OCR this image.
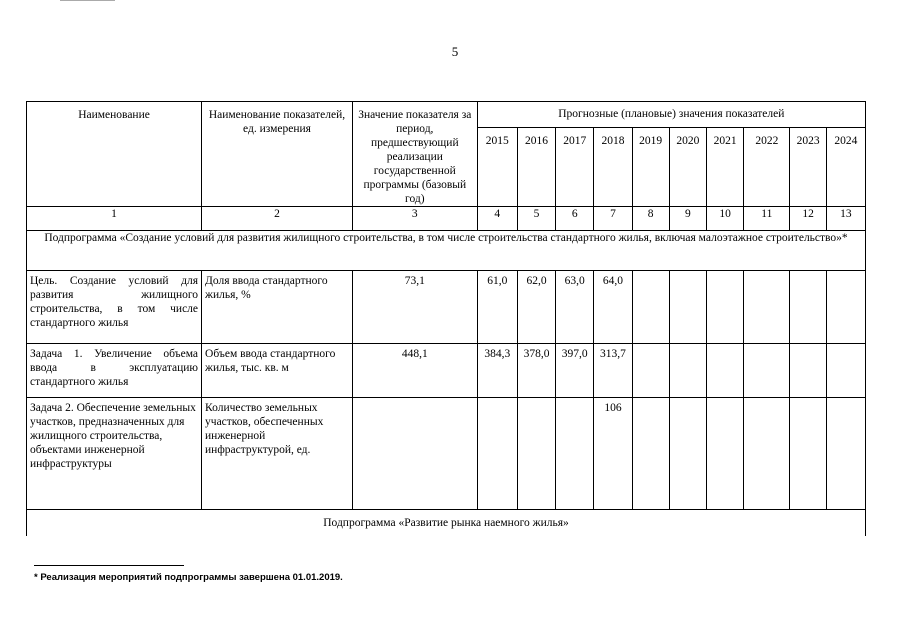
5
Наименование	Наименование показателей, ед. измерения	Значение показателя за период, предшествующий реализации государственной программы (базовый год)	Прогнозные (плановые) значения показателей									
			2015	2016	2017	2018	2019	2020	2021	2022	2023	2024
1	2	3	4	5	6	7	8	9	10	11	12	13
Подпрограмма «Создание условий для развития жилищного строительства, в том числе строительства стандартного жилья, включая малоэтажное строительство»*												
Цель. Создание условий для развития жилищного строительства, в том числе стандартного жилья	Доля ввода стандартного жилья, %	73,1	61,0	62,0	63,0	64,0						
Задача 1. Увеличение объема ввода в эксплуатацию стандартного жилья	Объем ввода стандартного жилья, тыс. кв. м	448,1	384,3	378,0	397,0	313,7						
Задача 2. Обеспечение земельных участков, предназначенных для жилищного строительства, объектами инженерной инфраструктуры	Количество земельных участков, обеспеченных инженерной инфраструктурой, ед.					106						
Подпрограмма «Развитие рынка наемного жилья»												
* Реализация мероприятий подпрограммы завершена 01.01.2019.
